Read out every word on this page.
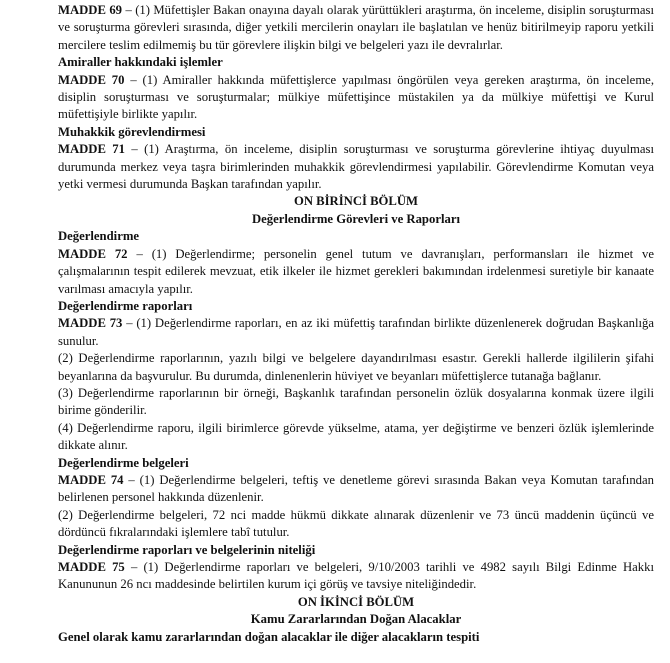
MADDE 69 – (1) Müfettişler Bakan onayına dayalı olarak yürüttükleri araştırma, ön inceleme, disiplin soruşturması ve soruşturma görevleri sırasında, diğer yetkili mercilerin onayları ile başlatılan ve henüz bitirilmeyip raporu yetkili mercilere teslim edilmemiş bu tür görevlere ilişkin bilgi ve belgeleri yazı ile devralırlar.

Amiraller hakkındaki işlemler

MADDE 70 – (1) Amiraller hakkında müfettişlerce yapılması öngörülen veya gereken araştırma, ön inceleme, disiplin soruşturması ve soruşturmalar; mülkiye müfettişince müstakilen ya da mülkiye müfettişi ve Kurul müfettişiyle birlikte yapılır.

Muhakkik görevlendirmesi

MADDE 71 – (1) Araştırma, ön inceleme, disiplin soruşturması ve soruşturma görevlerine ihtiyaç duyulması durumunda merkez veya taşra birimlerinden muhakkik görevlendirmesi yapılabilir. Görevlendirme Komutan veya yetki vermesi durumunda Başkan tarafından yapılır.

ON BİRİNCİ BÖLÜM

Değerlendirme Görevleri ve Raporları

Değerlendirme

MADDE 72 – (1) Değerlendirme; personelin genel tutum ve davranışları, performansları ile hizmet ve çalışmalarının tespit edilerek mevzuat, etik ilkeler ile hizmet gerekleri bakımından irdelenmesi suretiyle bir kanaate varılması amacıyla yapılır.

Değerlendirme raporları

MADDE 73 – (1) Değerlendirme raporları, en az iki müfettiş tarafından birlikte düzenlenerek doğrudan Başkanlığa sunulur.

(2) Değerlendirme raporlarının, yazılı bilgi ve belgelere dayandırılması esastır. Gerekli hallerde ilgililerin şifahi beyanlarına da başvurulur. Bu durumda, dinlenenlerin hüviyet ve beyanları müfettişlerce tutanağa bağlanır.

(3) Değerlendirme raporlarının bir örneği, Başkanlık tarafından personelin özlük dosyalarına konmak üzere ilgili birime gönderilir.

(4) Değerlendirme raporu, ilgili birimlerce görevde yükselme, atama, yer değiştirme ve benzeri özlük işlemlerinde dikkate alınır.

Değerlendirme belgeleri

MADDE 74 – (1) Değerlendirme belgeleri, teftiş ve denetleme görevi sırasında Bakan veya Komutan tarafından belirlenen personel hakkında düzenlenir.

(2) Değerlendirme belgeleri, 72 nci madde hükmü dikkate alınarak düzenlenir ve 73 üncü maddenin üçüncü ve dördüncü fıkralarındaki işlemlere tabî tutulur.

Değerlendirme raporları ve belgelerinin niteliği

MADDE 75 – (1) Değerlendirme raporları ve belgeleri, 9/10/2003 tarihli ve 4982 sayılı Bilgi Edinme Hakkı Kanununun 26 ncı maddesinde belirtilen kurum içi görüş ve tavsiye niteliğindedir.

ON İKİNCİ BÖLÜM

Kamu Zararlarından Doğan Alacaklar

Genel olarak kamu zararlarından doğan alacaklar ile diğer alacakların tespiti
